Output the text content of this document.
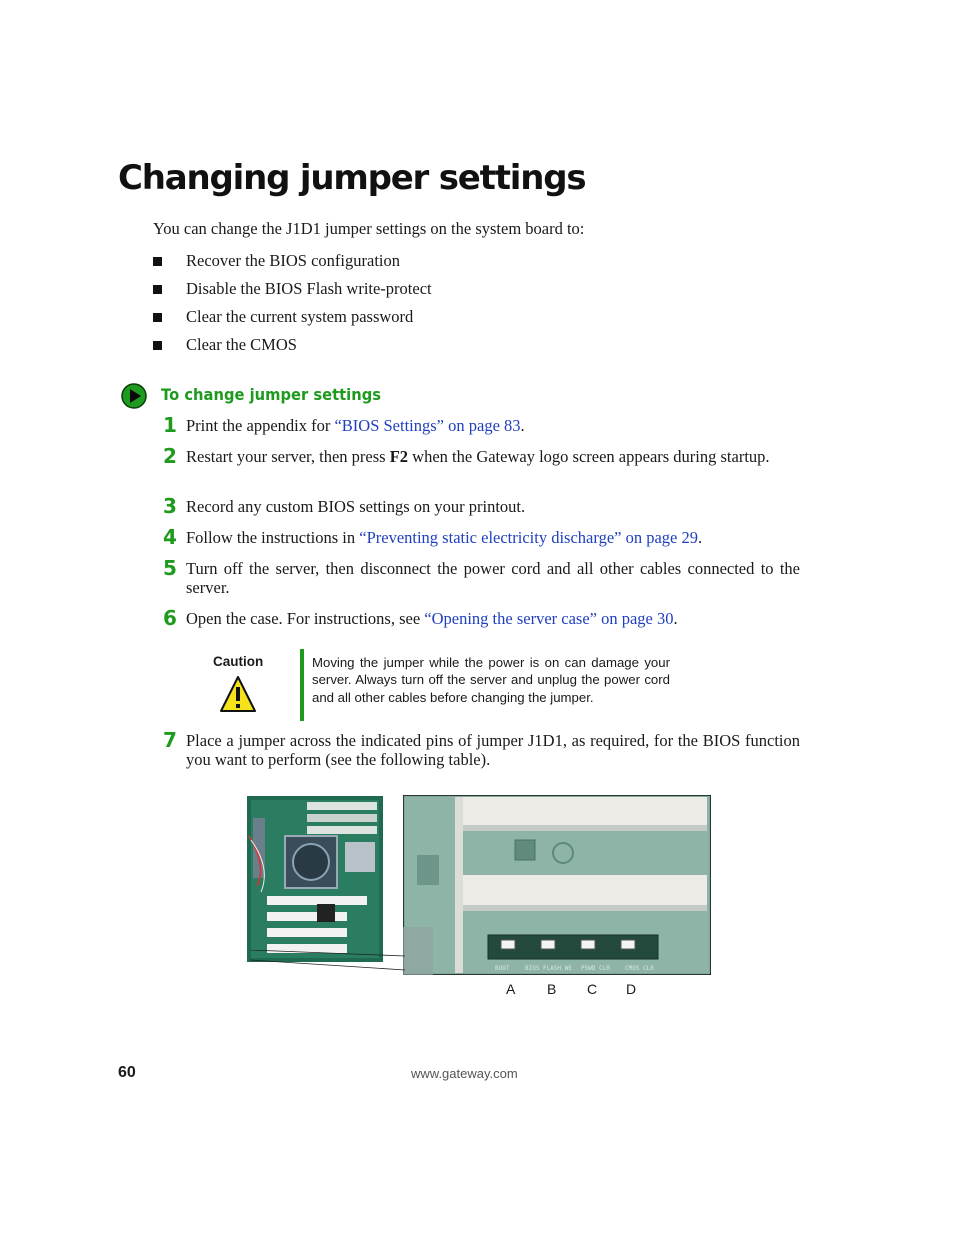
Changing jumper settings
You can change the J1D1 jumper settings on the system board to:
Recover the BIOS configuration
Disable the BIOS Flash write-protect
Clear the current system password
Clear the CMOS
To change jumper settings
1 Print the appendix for “BIOS Settings” on page 83.
2 Restart your server, then press F2 when the Gateway logo screen appears during startup.
3 Record any custom BIOS settings on your printout.
4 Follow the instructions in “Preventing static electricity discharge” on page 29.
5 Turn off the server, then disconnect the power cord and all other cables connected to the server.
6 Open the case. For instructions, see “Opening the server case” on page 30.
Caution	Moving the jumper while the power is on can damage your server. Always turn off the server and unplug the power cord and all other cables before changing the jumper.
7 Place a jumper across the indicated pins of jumper J1D1, as required, for the BIOS function you want to perform (see the following table).
BOOT	BIOS FLASH WE PSWD CLR	CMOS CLR
A B C D
60	www.gateway.com
